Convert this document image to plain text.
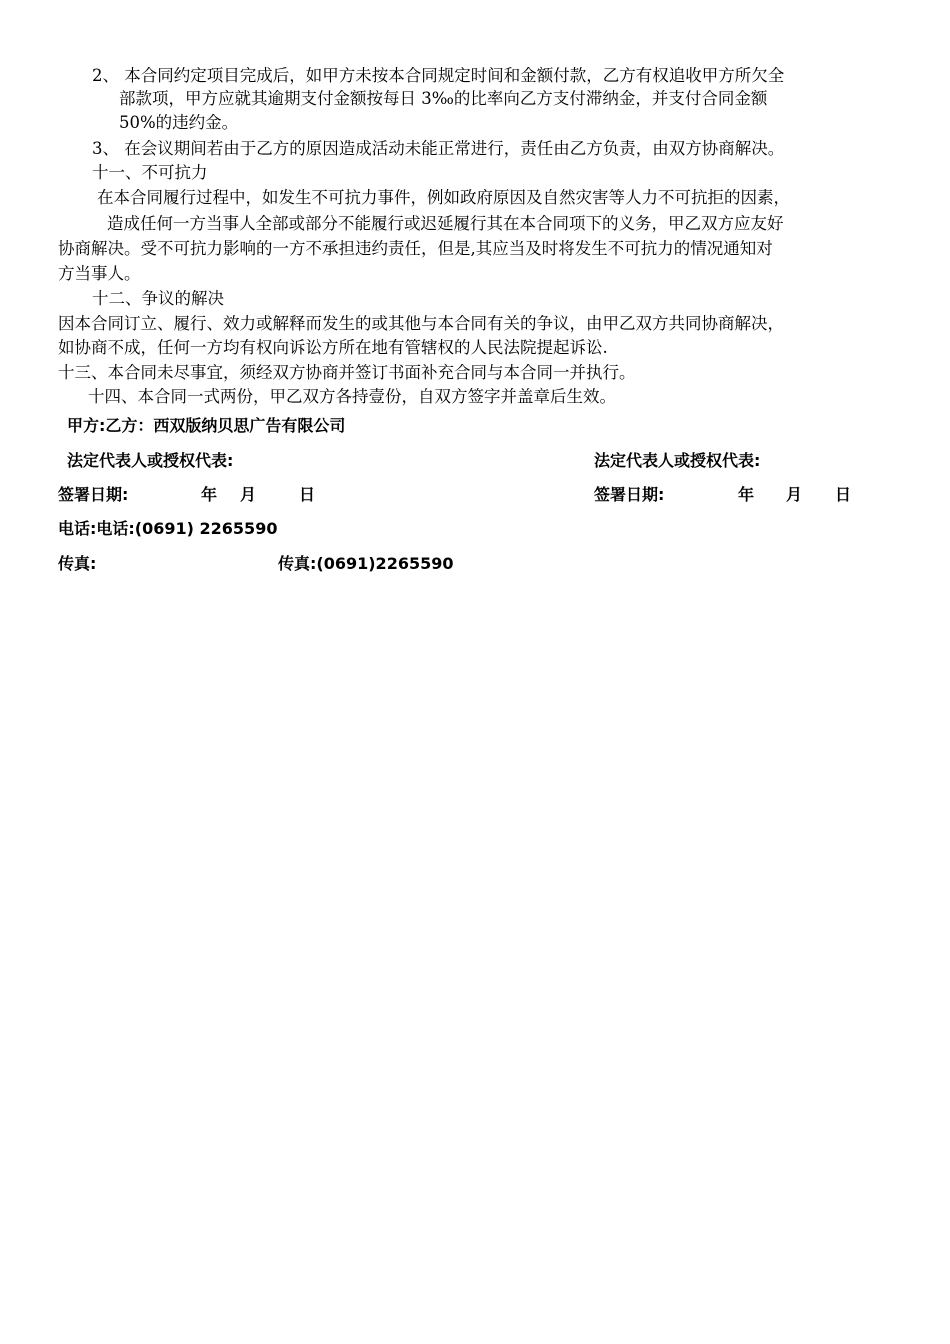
2、 本合同约定项目完成后，如甲方未按本合同规定时间和金额付款，乙方有权追收甲方所欠全
部款项，甲方应就其逾期支付金额按每日 3‰的比率向乙方支付滞纳金，并支付合同金额
50%的违约金。
3、 在会议期间若由于乙方的原因造成活动未能正常进行，责任由乙方负责，由双方协商解决。
十一、不可抗力
在本合同履行过程中，如发生不可抗力事件，例如政府原因及自然灾害等人力不可抗拒的因素，
造成任何一方当事人全部或部分不能履行或迟延履行其在本合同项下的义务，甲乙双方应友好
协商解决。受不可抗力影响的一方不承担违约责任，但是,其应当及时将发生不可抗力的情况通知对
方当事人。
十二、争议的解决
因本合同订立、履行、效力或解释而发生的或其他与本合同有关的争议，由甲乙双方共同协商解决，
如协商不成，任何一方均有权向诉讼方所在地有管辖权的人民法院提起诉讼.
十三、本合同未尽事宜，须经双方协商并签订书面补充合同与本合同一并执行。
十四、本合同一式两份，甲乙双方各持壹份，自双方签字并盖章后生效。
甲方:乙方：西双版纳贝思广告有限公司
法定代表人或授权代表:	法定代表人或授权代表:
签署日期:	年 月	日	签署日期:	年 月 日
电话:电话:(0691) 2265590
传真:	传真:(0691)2265590
